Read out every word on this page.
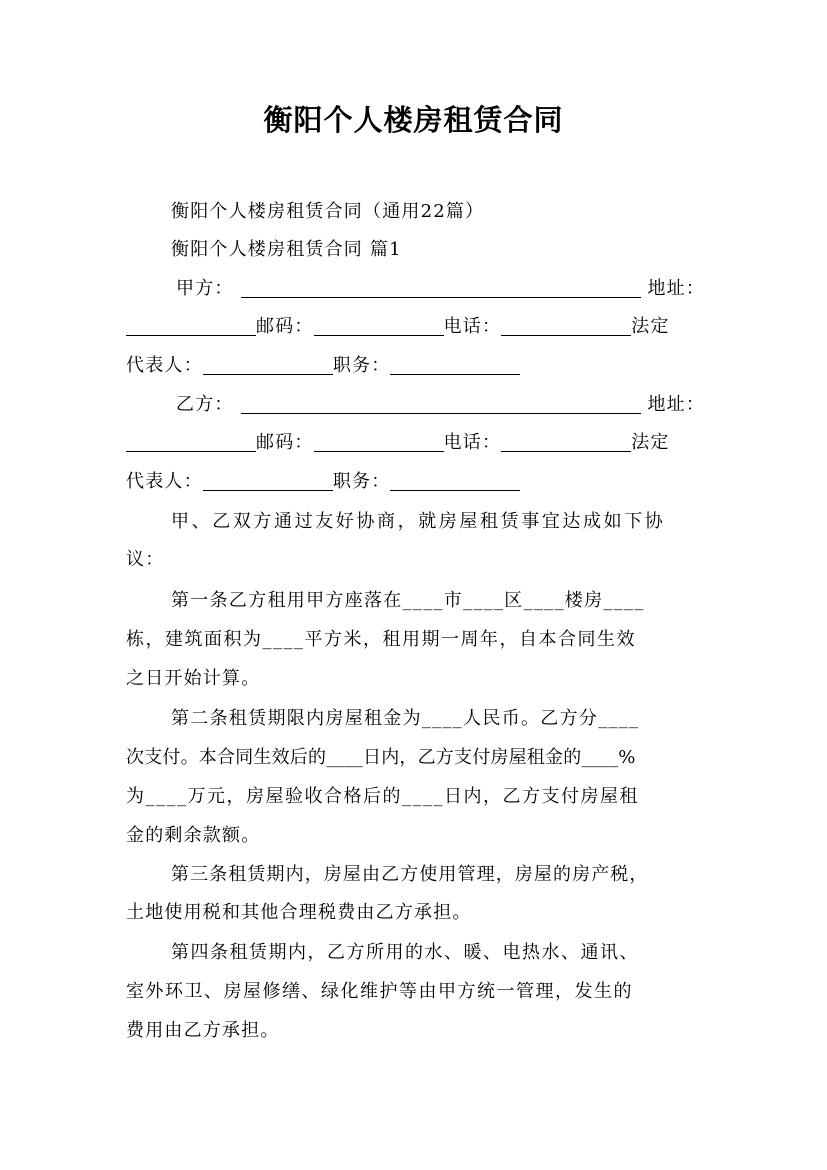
衡阳个人楼房租赁合同
衡阳个人楼房租赁合同（通用22篇）
衡阳个人楼房租赁合同 篇1
甲方：	地址：
邮码：	电话：	法定
代表人：	职务：
乙方：	地址：
邮码：	电话：	法定
代表人：	职务：
甲、乙双方通过友好协商，就房屋租赁事宜达成如下协
议：
第一条乙方租用甲方座落在____市____区____楼房____
栋，建筑面积为____平方米，租用期一周年，自本合同生效
之日开始计算。
第二条租赁期限内房屋租金为____人民币。乙方分____
次支付。本合同生效后的____日内，乙方支付房屋租金的____%
为____万元，房屋验收合格后的____日内，乙方支付房屋租
金的剩余款额。
第三条租赁期内，房屋由乙方使用管理，房屋的房产税，
土地使用税和其他合理税费由乙方承担。
第四条租赁期内，乙方所用的水、暖、电热水、通讯、
室外环卫、房屋修缮、绿化维护等由甲方统一管理，发生的
费用由乙方承担。
